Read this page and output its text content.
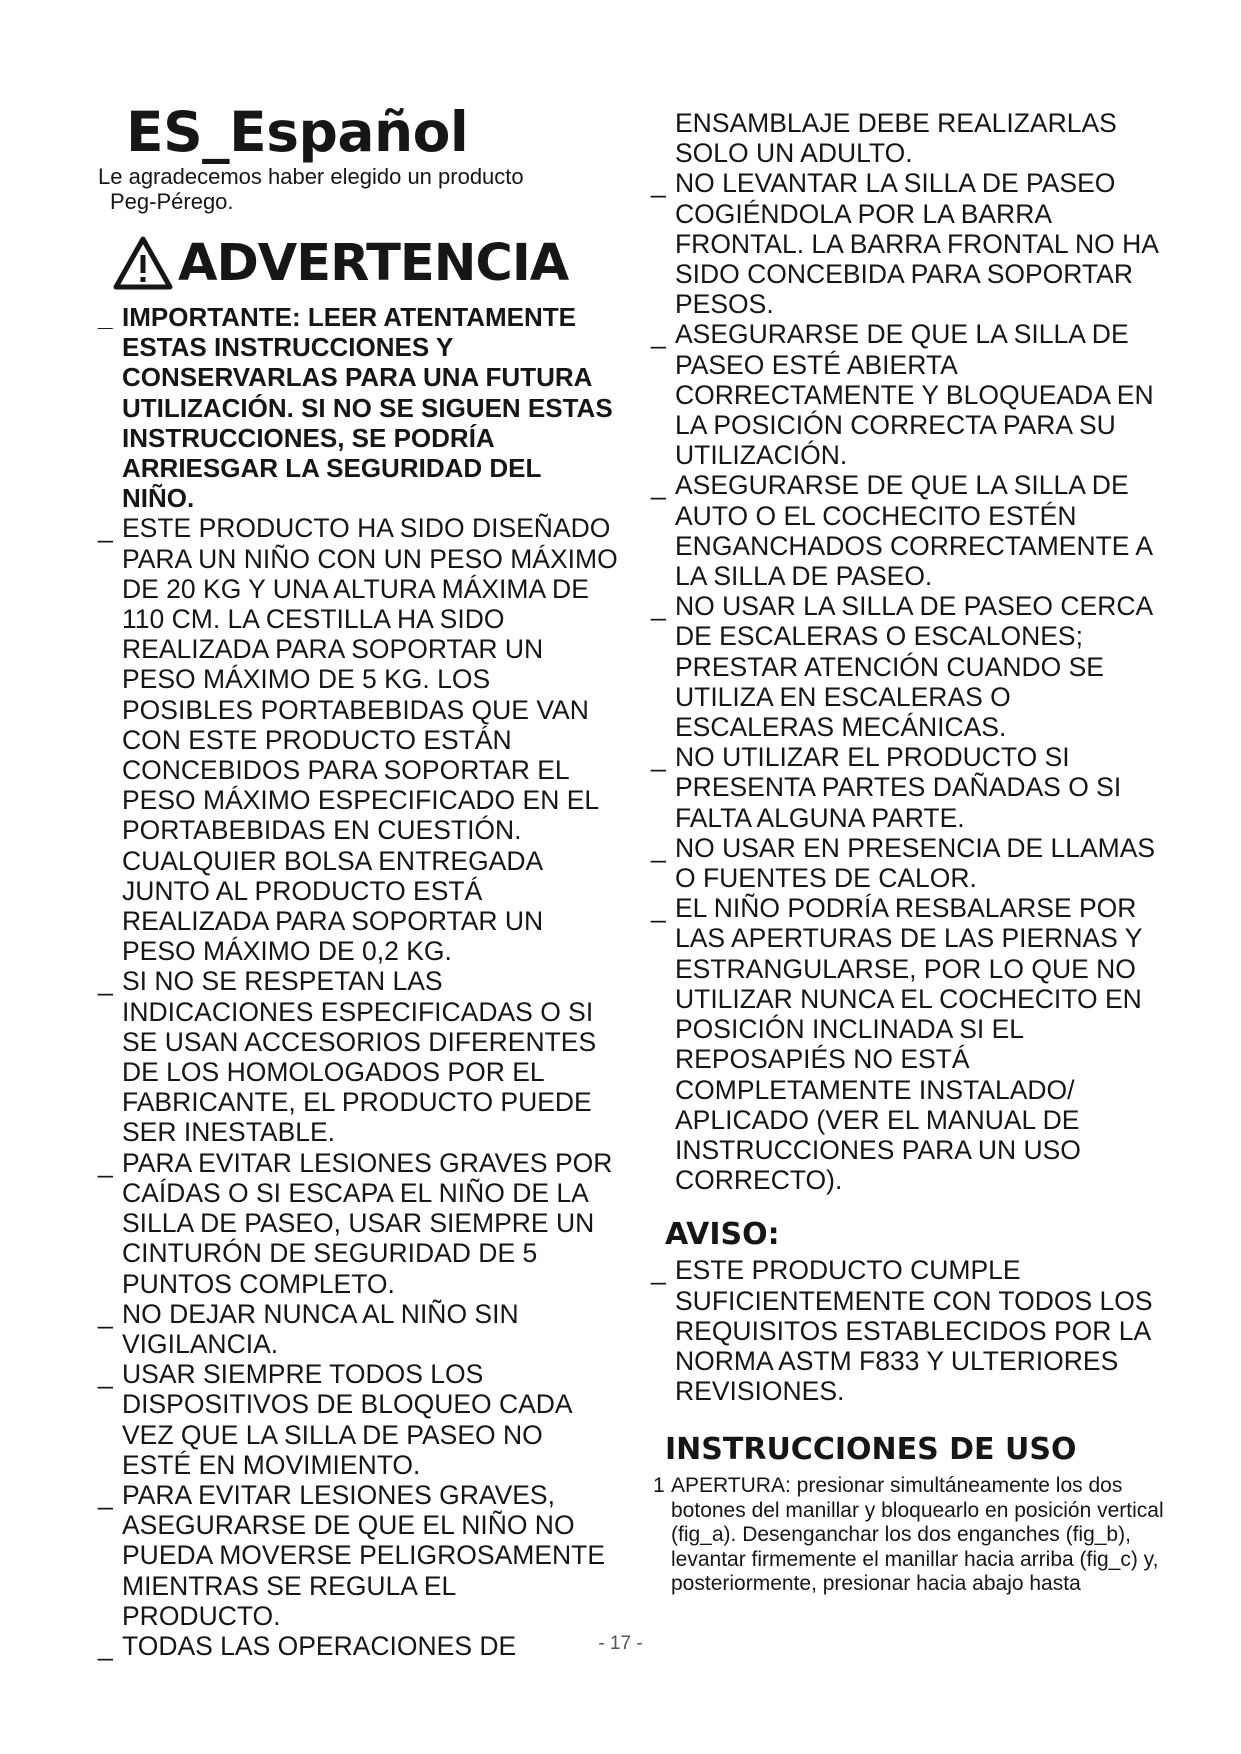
ES_Español

Le agradecemos haber elegido un producto
Peg-Pérego.

ADVERTENCIA
_ IMPORTANTE: LEER ATENTAMENTE ESTAS INSTRUCCIONES Y CONSERVARLAS PARA UNA FUTURA UTILIZACIÓN. SI NO SE SIGUEN ESTAS INSTRUCCIONES, SE PODRÍA ARRIESGAR LA SEGURIDAD DEL NIÑO.
_ ESTE PRODUCTO HA SIDO DISEÑADO PARA UN NIÑO CON UN PESO MÁXIMO DE 20 KG Y UNA ALTURA MÁXIMA DE 110 CM. LA CESTILLA HA SIDO REALIZADA PARA SOPORTAR UN PESO MÁXIMO DE 5 KG. LOS POSIBLES PORTABEBIDAS QUE VAN CON ESTE PRODUCTO ESTÁN CONCEBIDOS PARA SOPORTAR EL PESO MÁXIMO ESPECIFICADO EN EL PORTABEBIDAS EN CUESTIÓN. CUALQUIER BOLSA ENTREGADA JUNTO AL PRODUCTO ESTÁ REALIZADA PARA SOPORTAR UN PESO MÁXIMO DE 0,2 KG.
_ SI NO SE RESPETAN LAS INDICACIONES ESPECIFICADAS O SI SE USAN ACCESORIOS DIFERENTES DE LOS HOMOLOGADOS POR EL FABRICANTE, EL PRODUCTO PUEDE SER INESTABLE.
_ PARA EVITAR LESIONES GRAVES POR CAÍDAS O SI ESCAPA EL NIÑO DE LA SILLA DE PASEO, USAR SIEMPRE UN CINTURÓN DE SEGURIDAD DE 5 PUNTOS COMPLETO.
_ NO DEJAR NUNCA AL NIÑO SIN VIGILANCIA.
_ USAR SIEMPRE TODOS LOS DISPOSITIVOS DE BLOQUEO CADA VEZ QUE LA SILLA DE PASEO NO ESTÉ EN MOVIMIENTO.
_ PARA EVITAR LESIONES GRAVES, ASEGURARSE DE QUE EL NIÑO NO PUEDA MOVERSE PELIGROSAMENTE MIENTRAS SE REGULA EL PRODUCTO.
_ TODAS LAS OPERACIONES DE
ENSAMBLAJE DEBE REALIZARLAS SOLO UN ADULTO.
_ NO LEVANTAR LA SILLA DE PASEO COGIÉNDOLA POR LA BARRA FRONTAL. LA BARRA FRONTAL NO HA SIDO CONCEBIDA PARA SOPORTAR PESOS.
_ ASEGURARSE DE QUE LA SILLA DE PASEO ESTÉ ABIERTA CORRECTAMENTE Y BLOQUEADA EN LA POSICIÓN CORRECTA PARA SU UTILIZACIÓN.
_ ASEGURARSE DE QUE LA SILLA DE AUTO O EL COCHECITO ESTÉN ENGANCHADOS CORRECTAMENTE A LA SILLA DE PASEO.
_ NO USAR LA SILLA DE PASEO CERCA DE ESCALERAS O ESCALONES; PRESTAR ATENCIÓN CUANDO SE UTILIZA EN ESCALERAS O ESCALERAS MECÁNICAS.
_ NO UTILIZAR EL PRODUCTO SI PRESENTA PARTES DAÑADAS O SI FALTA ALGUNA PARTE.
_ NO USAR EN PRESENCIA DE LLAMAS O FUENTES DE CALOR.
_ EL NIÑO PODRÍA RESBALARSE POR LAS APERTURAS DE LAS PIERNAS Y ESTRANGULARSE, POR LO QUE NO UTILIZAR NUNCA EL COCHECITO EN POSICIÓN INCLINADA SI EL REPOSAPIÉS NO ESTÁ COMPLETAMENTE INSTALADO/ APLICADO (VER EL MANUAL DE INSTRUCCIONES PARA UN USO CORRECTO).
AVISO:
_ ESTE PRODUCTO CUMPLE SUFICIENTEMENTE CON TODOS LOS REQUISITOS ESTABLECIDOS POR LA NORMA ASTM F833 Y ULTERIORES REVISIONES.
INSTRUCCIONES DE USO
1 APERTURA: presionar simultáneamente los dos botones del manillar y bloquearlo en posición vertical (fig_a). Desenganchar los dos enganches (fig_b), levantar firmemente el manillar hacia arriba (fig_c) y, posteriormente, presionar hacia abajo hasta
- 17 -
